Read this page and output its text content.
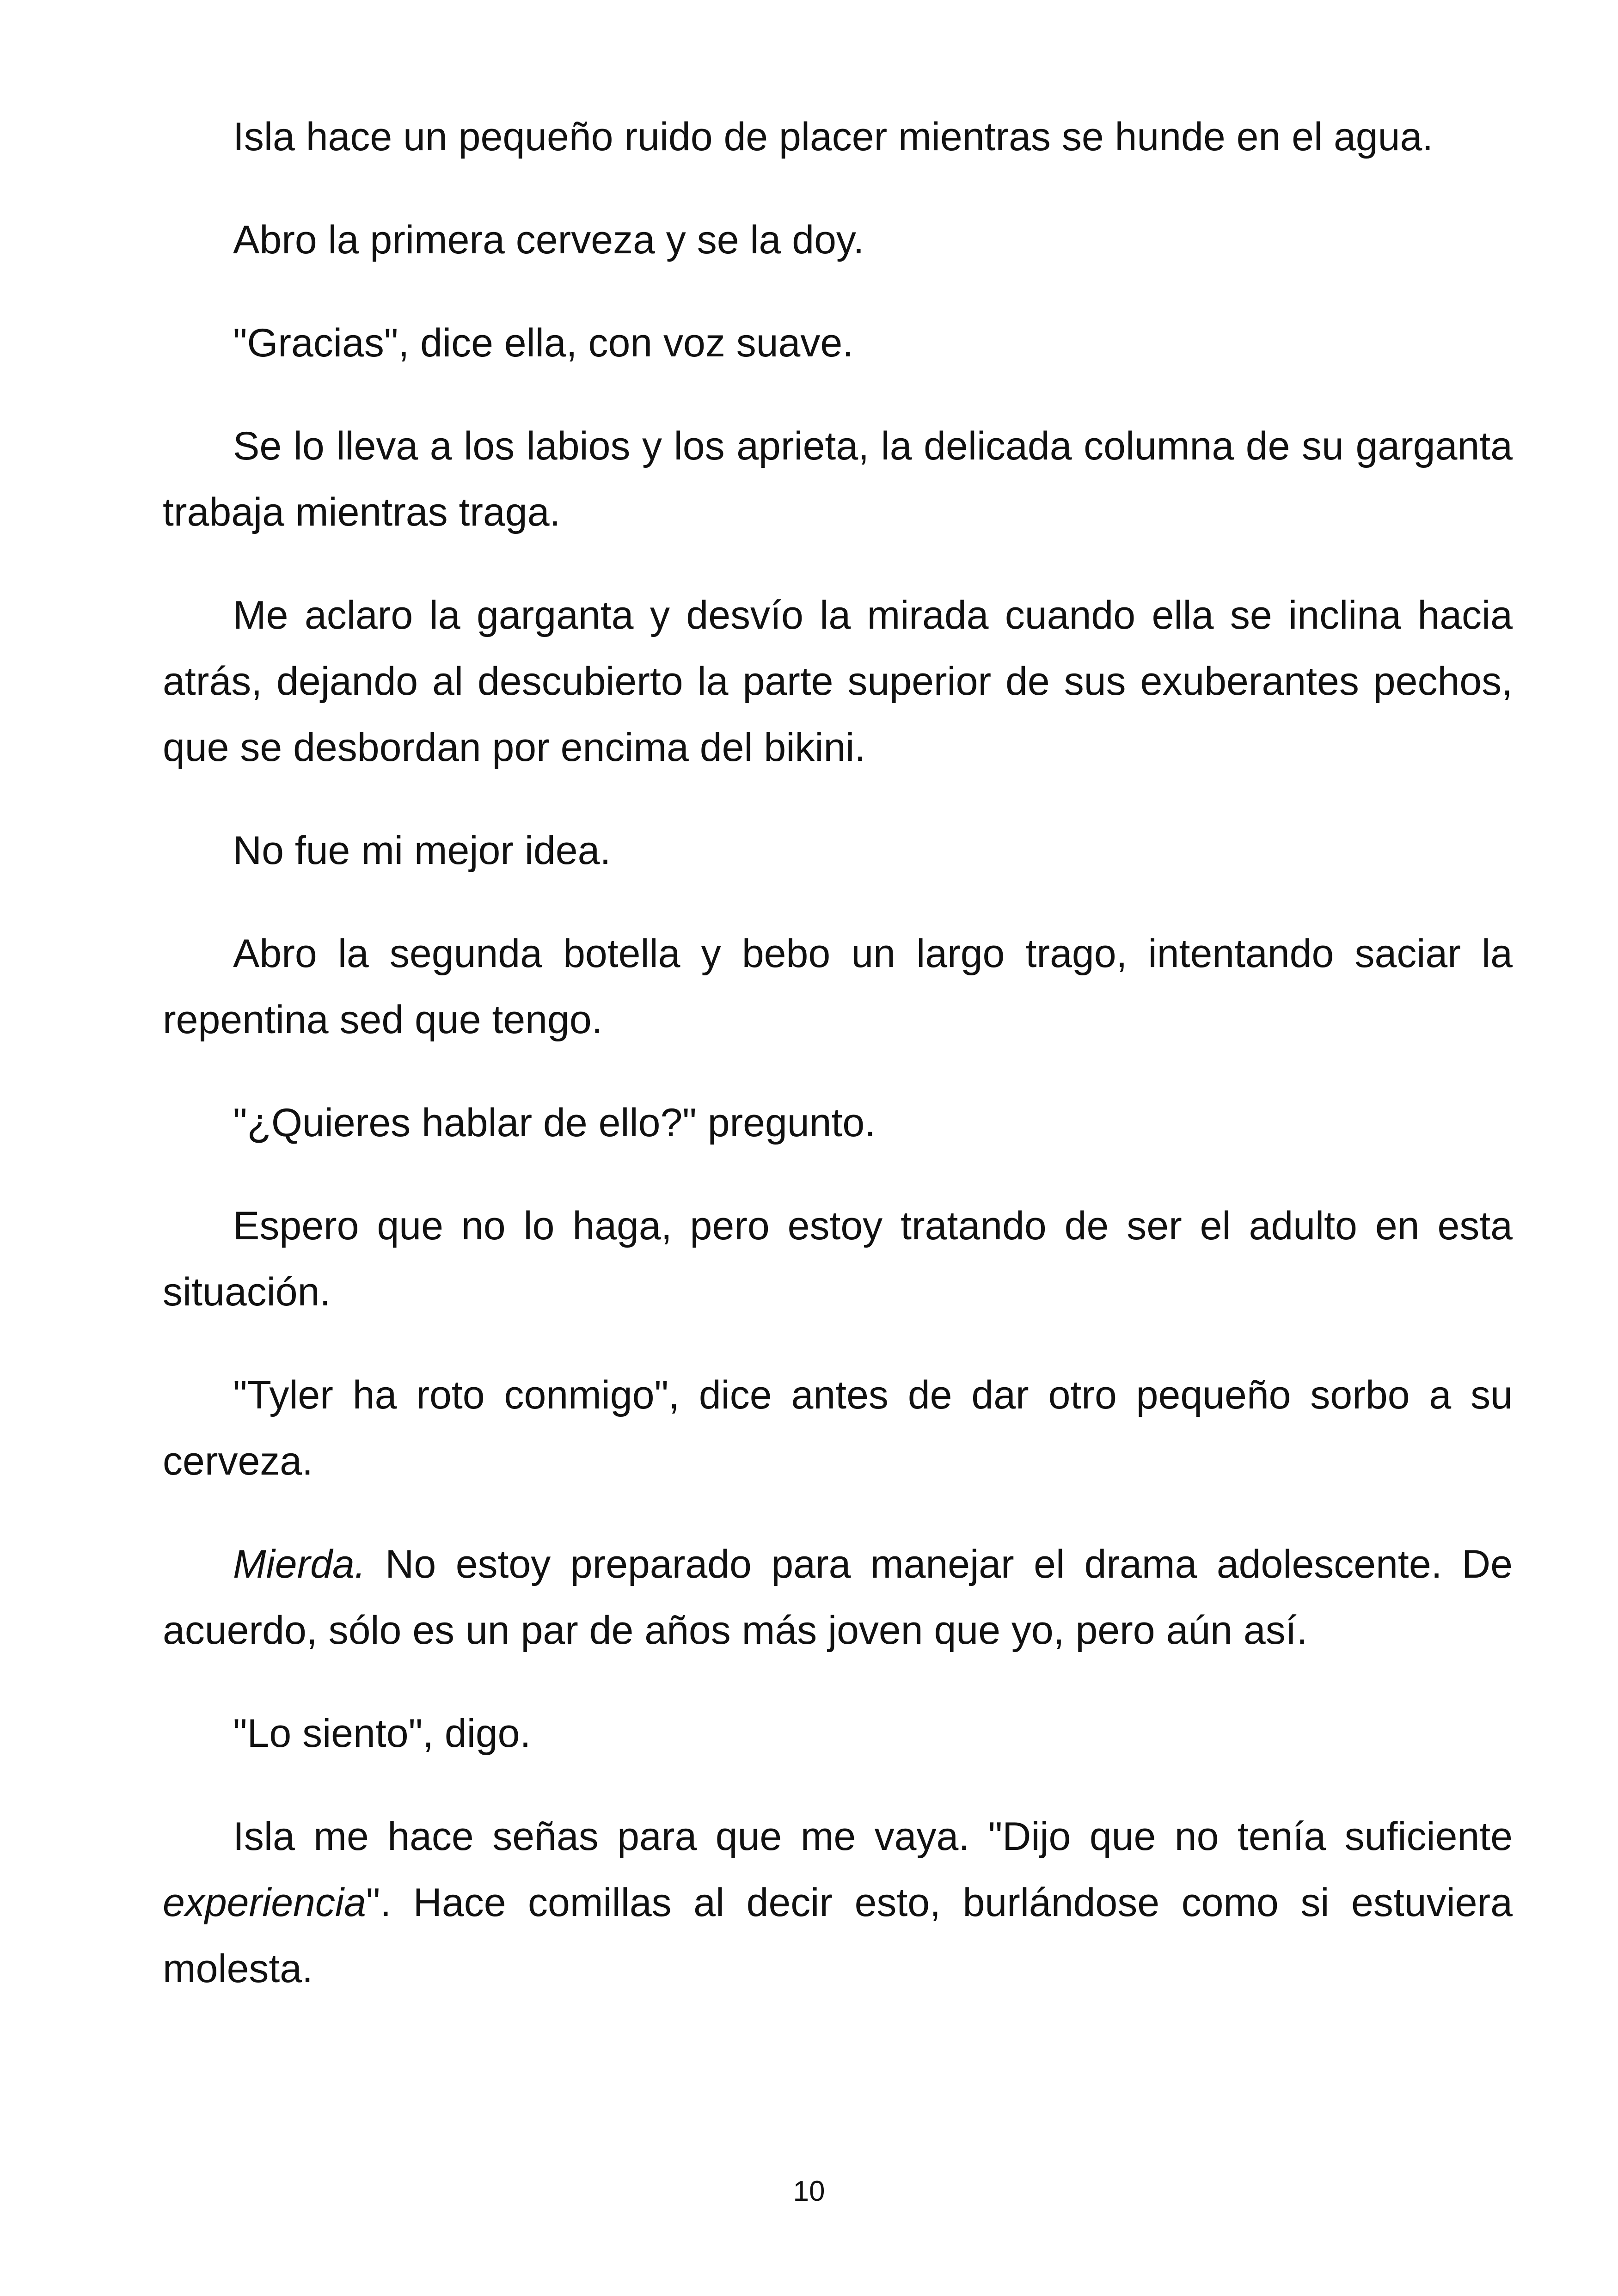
Isla hace un pequeño ruido de placer mientras se hunde en el agua.

Abro la primera cerveza y se la doy.

"Gracias", dice ella, con voz suave.

Se lo lleva a los labios y los aprieta, la delicada columna de su garganta trabaja mientras traga.

Me aclaro la garganta y desvío la mirada cuando ella se inclina hacia atrás, dejando al descubierto la parte superior de sus exuberantes pechos, que se desbordan por encima del bikini.

No fue mi mejor idea.

Abro la segunda botella y bebo un largo trago, intentando saciar la repentina sed que tengo.

"¿Quieres hablar de ello?" pregunto.

Espero que no lo haga, pero estoy tratando de ser el adulto en esta situación.

"Tyler ha roto conmigo", dice antes de dar otro pequeño sorbo a su cerveza.

Mierda. No estoy preparado para manejar el drama adolescente. De acuerdo, sólo es un par de años más joven que yo, pero aún así.

"Lo siento", digo.

Isla me hace señas para que me vaya. "Dijo que no tenía suficiente experiencia". Hace comillas al decir esto, burlándose como si estuviera molesta.

10
